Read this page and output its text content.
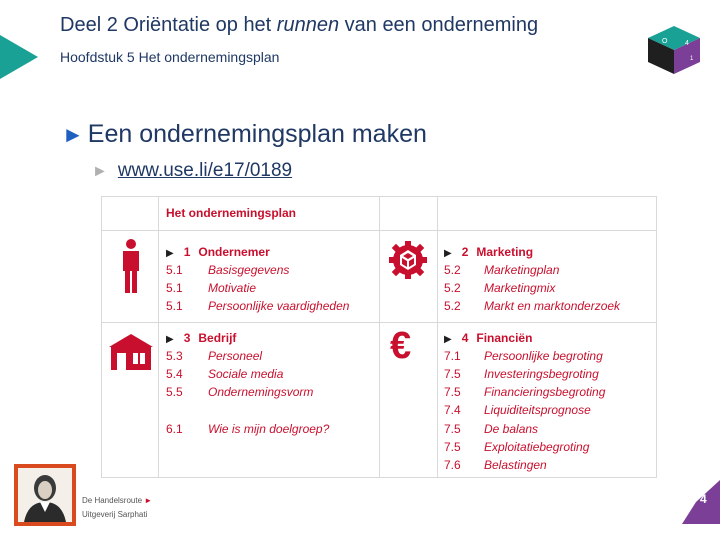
Deel 2 Oriëntatie op het runnen van een onderneming
Hoofdstuk 5 Het ondernemingsplan
O	4
1
► Een ondernemingsplan maken
► www.use.li/e17/0189
Het ondernemingsplan
€
▶ 1 Ondernemer
5.1 Basisgegevens
5.1 Motivatie
5.1 Persoonlijke vaardigheden
▶ 2 Marketing
5.2 Marketingplan
5.2 Marketingmix
5.2 Markt en marktonderzoek
▶ 3 Bedrijf
5.3 Personeel
5.4 Sociale media
5.5 Ondernemingsvorm
6.1 Wie is mijn doelgroep?
▶ 4 Financiën
7.1 Persoonlijke begroting
7.5 Investeringsbegroting
7.5 Financieringsbegroting
7.4 Liquiditeitsprognose
7.5 De balans
7.5 Exploitatiebegroting
7.6 Belastingen
De Handelsroute ►
Uitgeverij Sarphati
4
